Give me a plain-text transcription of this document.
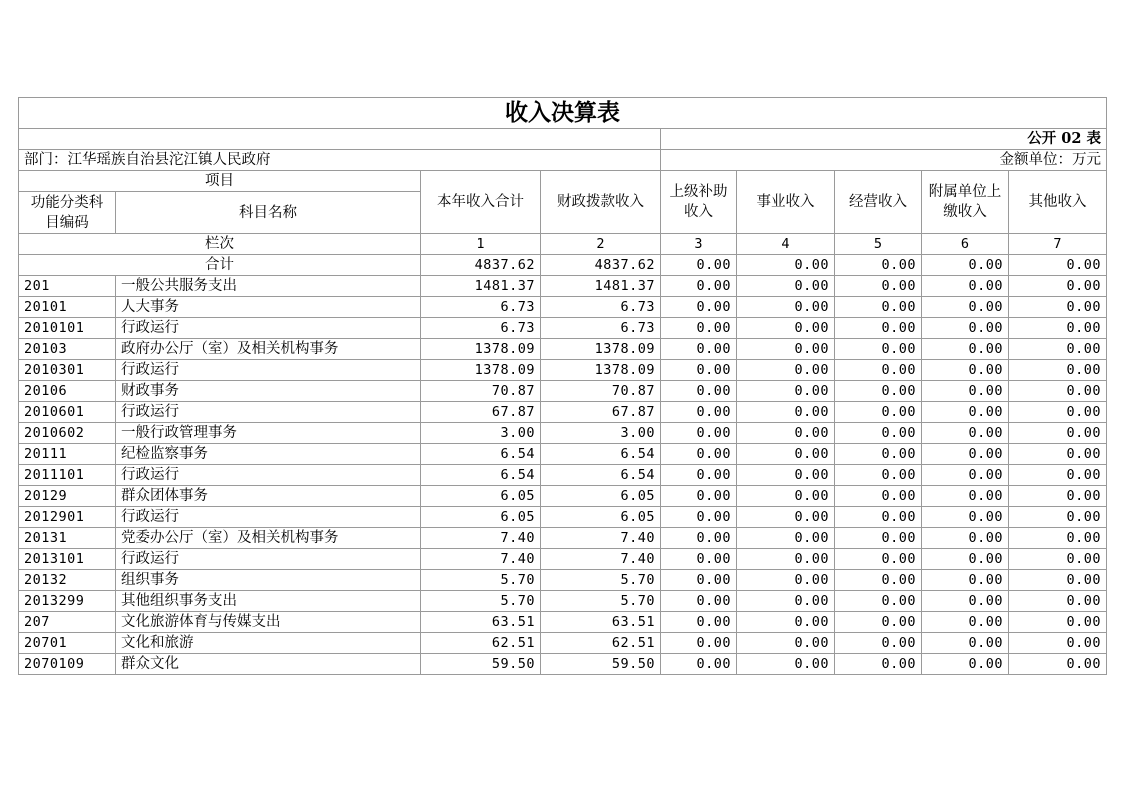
收入决算表								
				公开 02 表				
部门：江华瑶族自治县沱江镇人民政府				金额单位：万元				
项目		本年收入合计	财政拨款收入	上级补助收入	事业收入	经营收入	附属单位上缴收入	其他收入
功能分类科目编码	科目名称							
栏次		1	2	3	4	5	6	7
合计		4837.62	4837.62	0.00	0.00	0.00	0.00	0.00
201	一般公共服务支出	1481.37	1481.37	0.00	0.00	0.00	0.00	0.00
20101	人大事务	6.73	6.73	0.00	0.00	0.00	0.00	0.00
2010101	行政运行	6.73	6.73	0.00	0.00	0.00	0.00	0.00
20103	政府办公厅（室）及相关机构事务	1378.09	1378.09	0.00	0.00	0.00	0.00	0.00
2010301	行政运行	1378.09	1378.09	0.00	0.00	0.00	0.00	0.00
20106	财政事务	70.87	70.87	0.00	0.00	0.00	0.00	0.00
2010601	行政运行	67.87	67.87	0.00	0.00	0.00	0.00	0.00
2010602	一般行政管理事务	3.00	3.00	0.00	0.00	0.00	0.00	0.00
20111	纪检监察事务	6.54	6.54	0.00	0.00	0.00	0.00	0.00
2011101	行政运行	6.54	6.54	0.00	0.00	0.00	0.00	0.00
20129	群众团体事务	6.05	6.05	0.00	0.00	0.00	0.00	0.00
2012901	行政运行	6.05	6.05	0.00	0.00	0.00	0.00	0.00
20131	党委办公厅（室）及相关机构事务	7.40	7.40	0.00	0.00	0.00	0.00	0.00
2013101	行政运行	7.40	7.40	0.00	0.00	0.00	0.00	0.00
20132	组织事务	5.70	5.70	0.00	0.00	0.00	0.00	0.00
2013299	其他组织事务支出	5.70	5.70	0.00	0.00	0.00	0.00	0.00
207	文化旅游体育与传媒支出	63.51	63.51	0.00	0.00	0.00	0.00	0.00
20701	文化和旅游	62.51	62.51	0.00	0.00	0.00	0.00	0.00
2070109	群众文化	59.50	59.50	0.00	0.00	0.00	0.00	0.00
